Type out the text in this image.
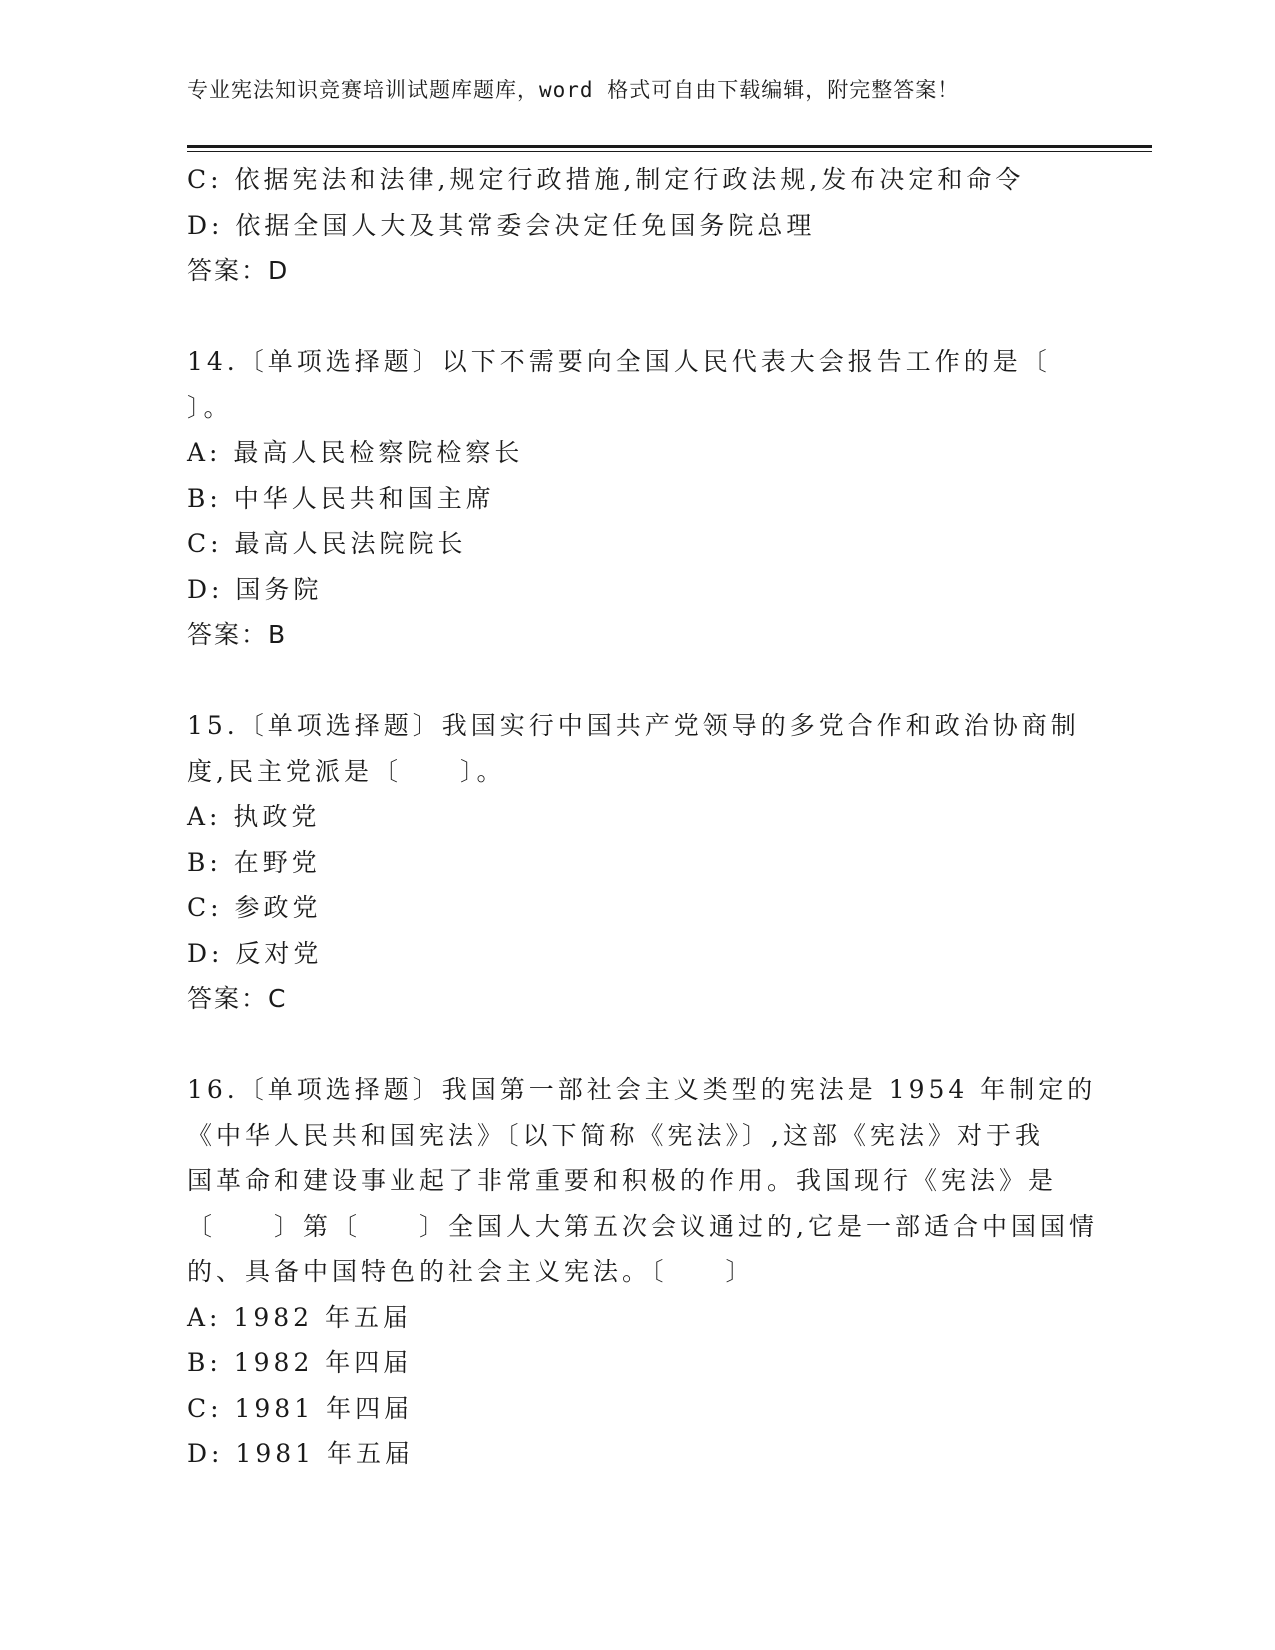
专业宪法知识竞赛培训试题库题库，word 格式可自由下载编辑，附完整答案！
C: 依据宪法和法律,规定行政措施,制定行政法规,发布决定和命令
D: 依据全国人大及其常委会决定任免国务院总理
答案：D
14.〔单项选择题〕以下不需要向全国人民代表大会报告工作的是〔
〕。
A: 最高人民检察院检察长
B: 中华人民共和国主席
C: 最高人民法院院长
D: 国务院
答案：B
15.〔单项选择题〕我国实行中国共产党领导的多党合作和政治协商制
度,民主党派是〔　　〕。
A: 执政党
B: 在野党
C: 参政党
D: 反对党
答案：C
16.〔单项选择题〕我国第一部社会主义类型的宪法是 1954 年制定的
《中华人民共和国宪法》〔以下简称《宪法》〕,这部《宪法》对于我
国革命和建设事业起了非常重要和积极的作用。我国现行《宪法》是
〔　　〕第〔　　〕全国人大第五次会议通过的,它是一部适合中国国情
的、具备中国特色的社会主义宪法。〔　　〕
A: 1982 年五届
B: 1982 年四届
C: 1981 年四届
D: 1981 年五届
